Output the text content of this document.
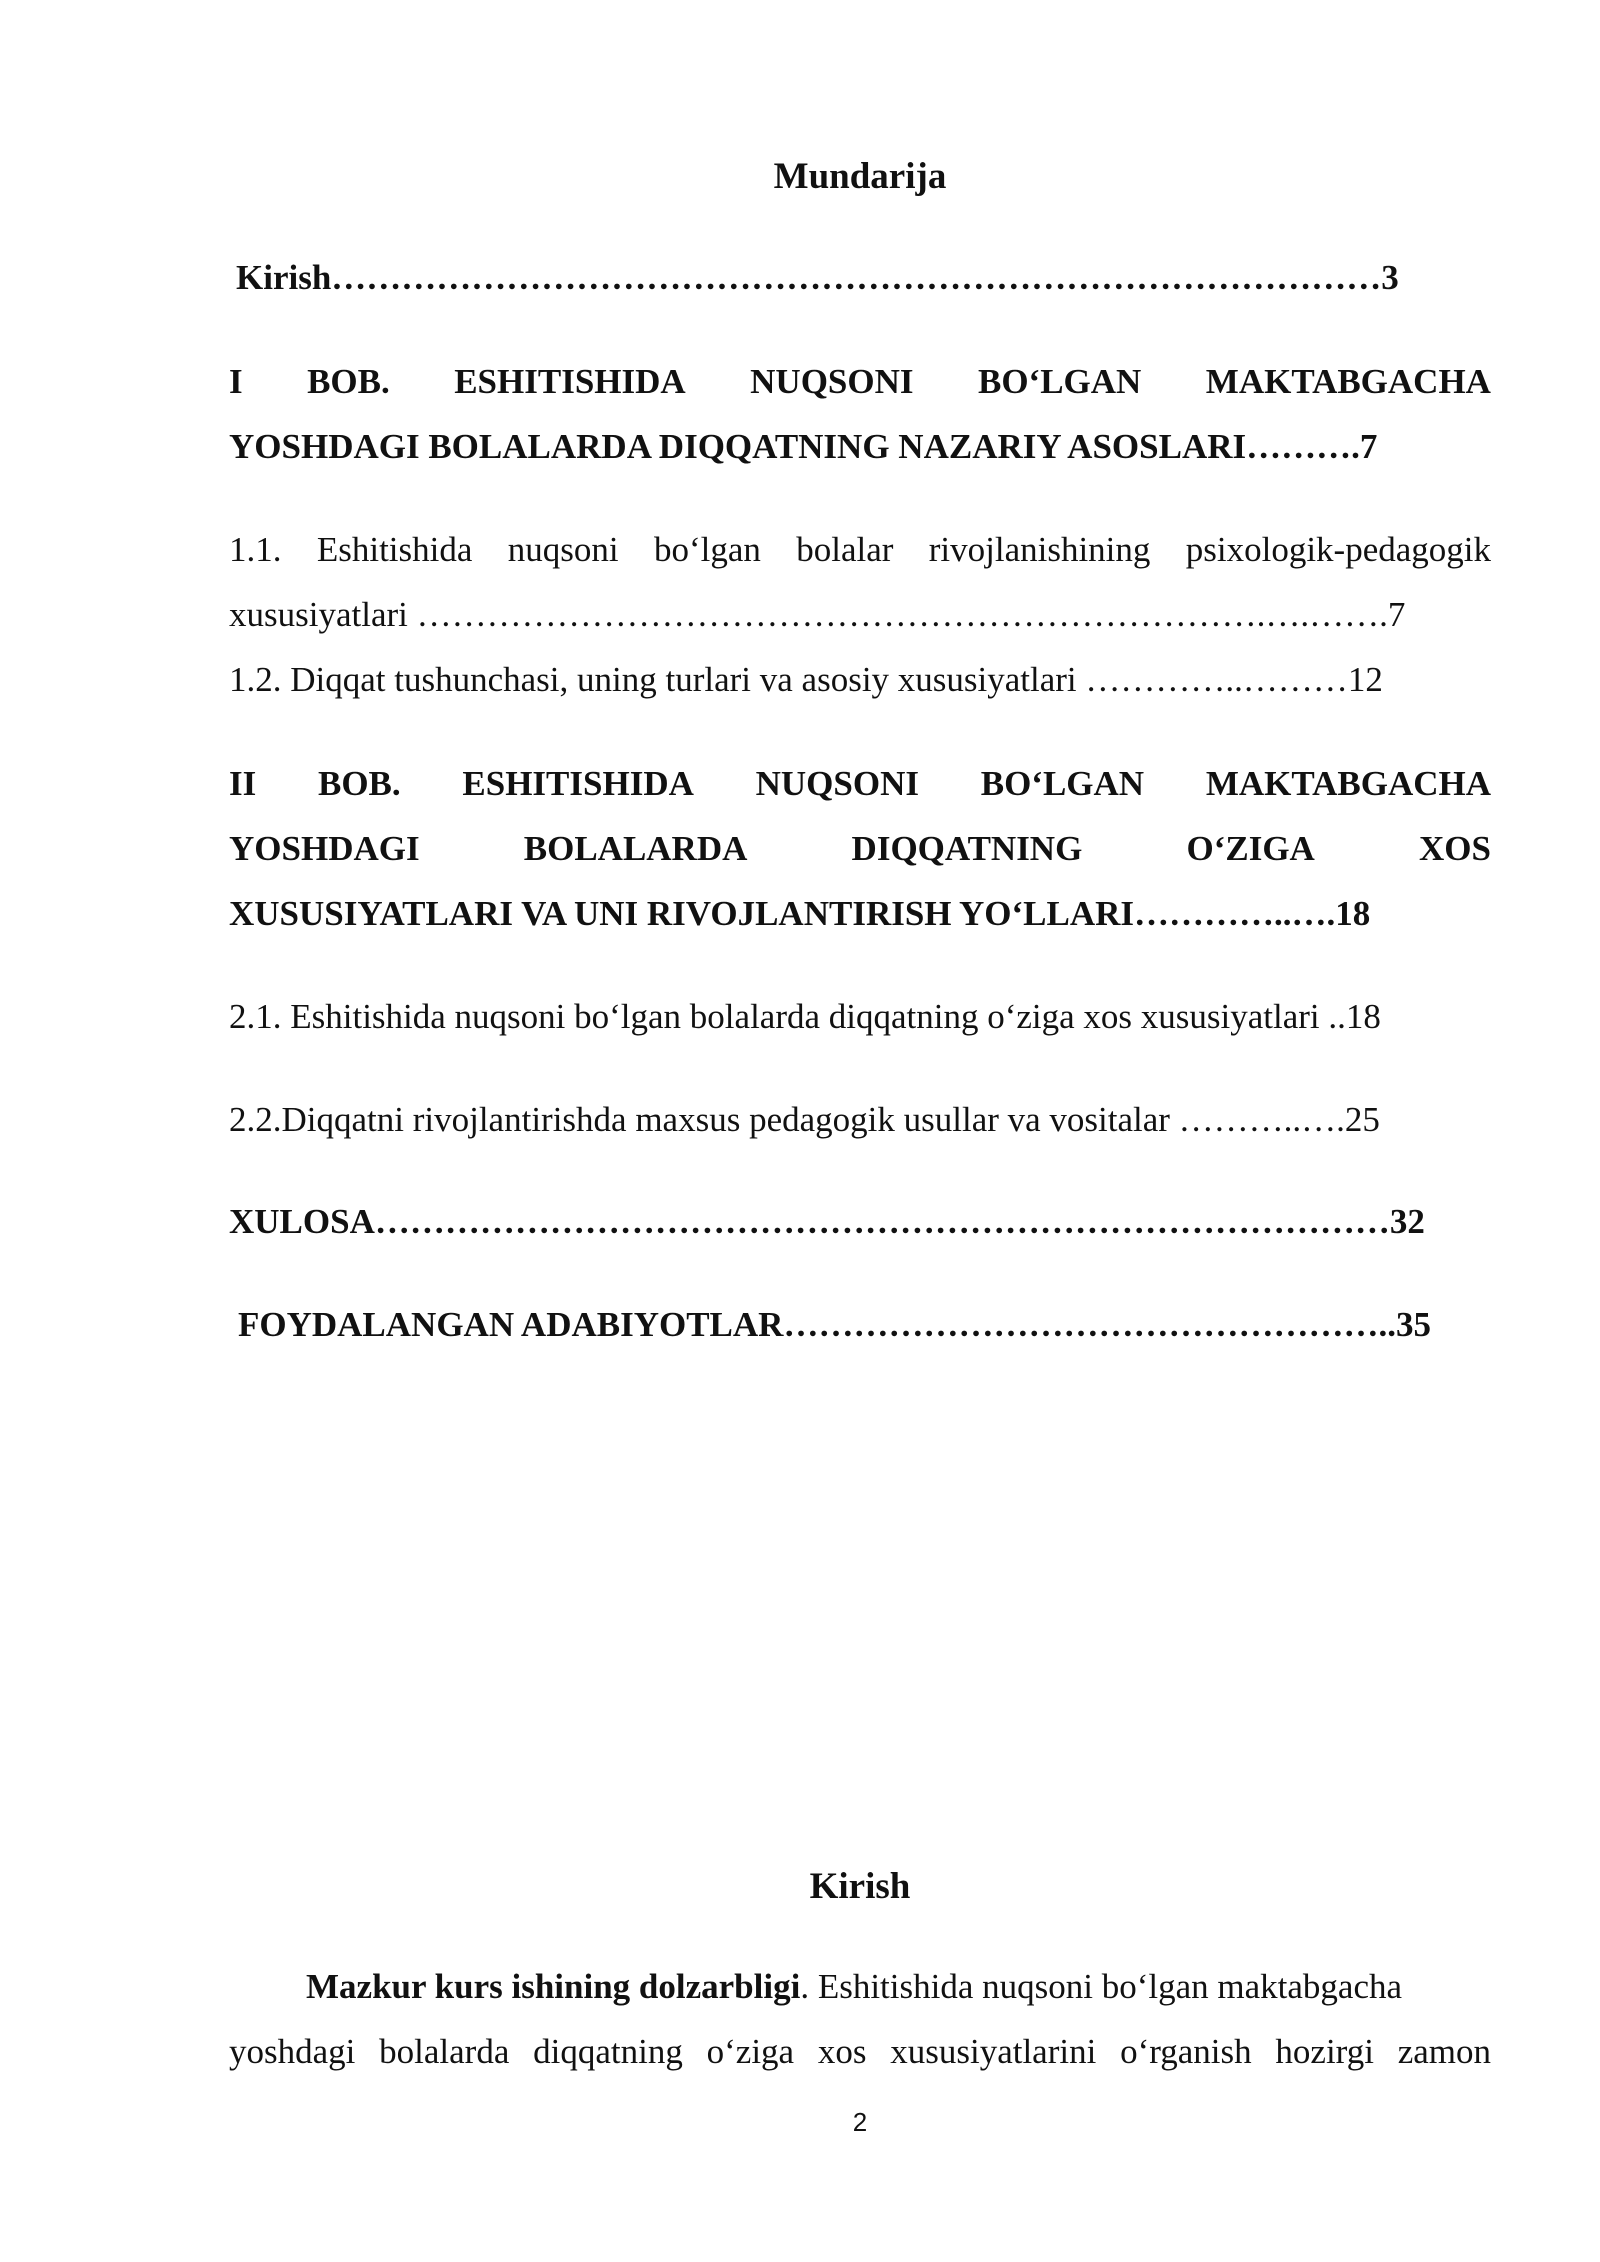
Mundarija
Kirish………………………………………………………………………………3
I BOB. ESHITISHIDA NUQSONI BO‘LGAN MAKTABGACHA
YOSHDAGI BOLALARDA DIQQATNING NAZARIY ASOSLARI……….7
1.1. Eshitishida nuqsoni bo‘lgan bolalar rivojlanishining psixologik-pedagogik
xususiyatlari ……………………………………………………………….….…….7
1.2. Diqqat tushunchasi, uning turlari va asosiy xususiyatlari …………..………12
II BOB. ESHITISHIDA NUQSONI BO‘LGAN MAKTABGACHA
YOSHDAGI	BOLALARDA	DIQQATNING	O‘ZIGA	XOS
XUSUSIYATLARI VA UNI RIVOJLANTIRISH YO‘LLARI…………..….18
2.1. Eshitishida nuqsoni bo‘lgan bolalarda diqqatning o‘ziga xos xususiyatlari ..18
2.2.Diqqatni rivojlantirishda maxsus pedagogik usullar va vositalar ………..….25
XULOSA……………………………………………………………………………32
FOYDALANGAN ADABIYOTLAR……………………………………………..35
Kirish
Mazkur kurs ishining dolzarbligi. Eshitishida nuqsoni bo‘lgan maktabgacha
yoshdagi bolalarda diqqatning o‘ziga xos xususiyatlarini o‘rganish hozirgi zamon
2
